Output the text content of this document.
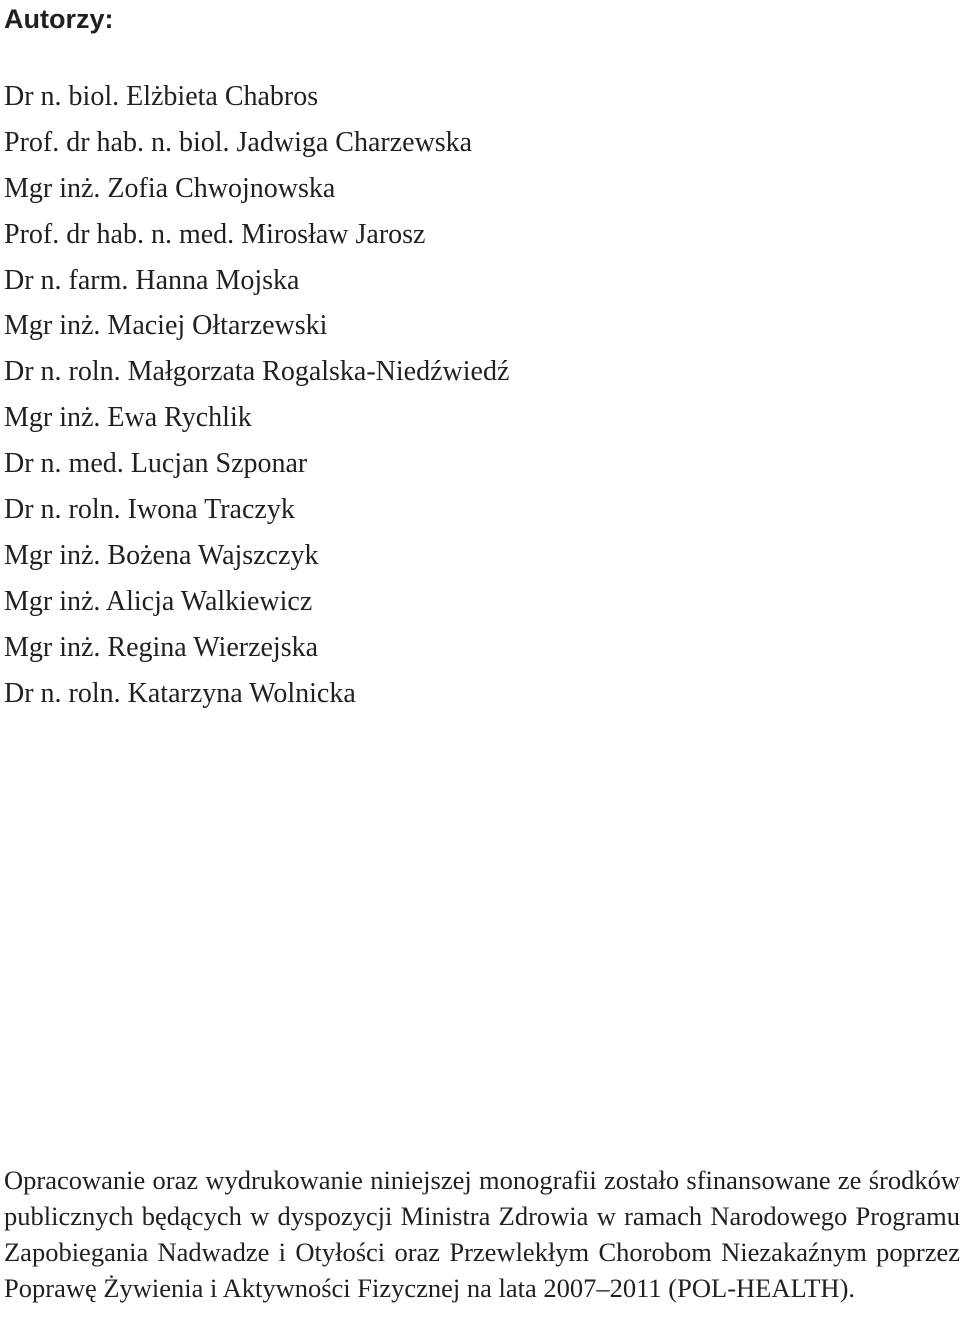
Autorzy:
Dr n. biol. Elżbieta Chabros
Prof. dr hab. n. biol. Jadwiga Charzewska
Mgr inż. Zofia Chwojnowska
Prof. dr hab. n. med. Mirosław Jarosz
Dr n. farm. Hanna Mojska
Mgr inż. Maciej Ołtarzewski
Dr n. roln. Małgorzata Rogalska-Niedźwiedź
Mgr inż. Ewa Rychlik
Dr n. med. Lucjan Szponar
Dr n. roln. Iwona Traczyk
Mgr inż. Bożena Wajszczyk
Mgr inż. Alicja Walkiewicz
Mgr inż. Regina Wierzejska
Dr n. roln. Katarzyna Wolnicka

Opracowanie oraz wydrukowanie niniejszej monografii zostało sfinansowane ze środków publicznych będących w dyspozycji Ministra Zdrowia w ramach Narodowego Programu Zapobiegania Nadwadze i Otyłości oraz Przewlekłym Chorobom Niezakaźnym poprzez Poprawę Żywienia i Aktywności Fizycznej na lata 2007–2011 (POL-HEALTH).
